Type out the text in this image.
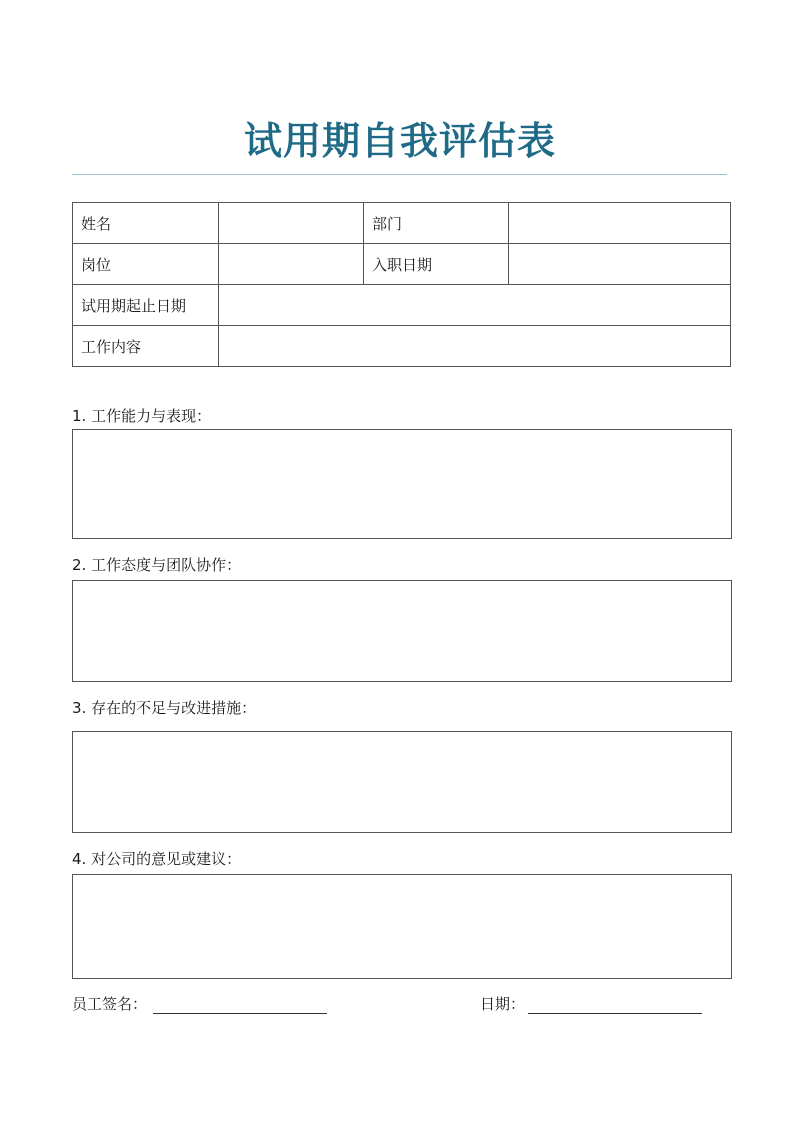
试用期自我评估表
姓名		部门	
岗位		入职日期	
试用期起止日期			
工作内容			
1. 工作能力与表现：
2. 工作态度与团队协作：
3. 存在的不足与改进措施：
4. 对公司的意见或建议：
员工签名：	日期：
